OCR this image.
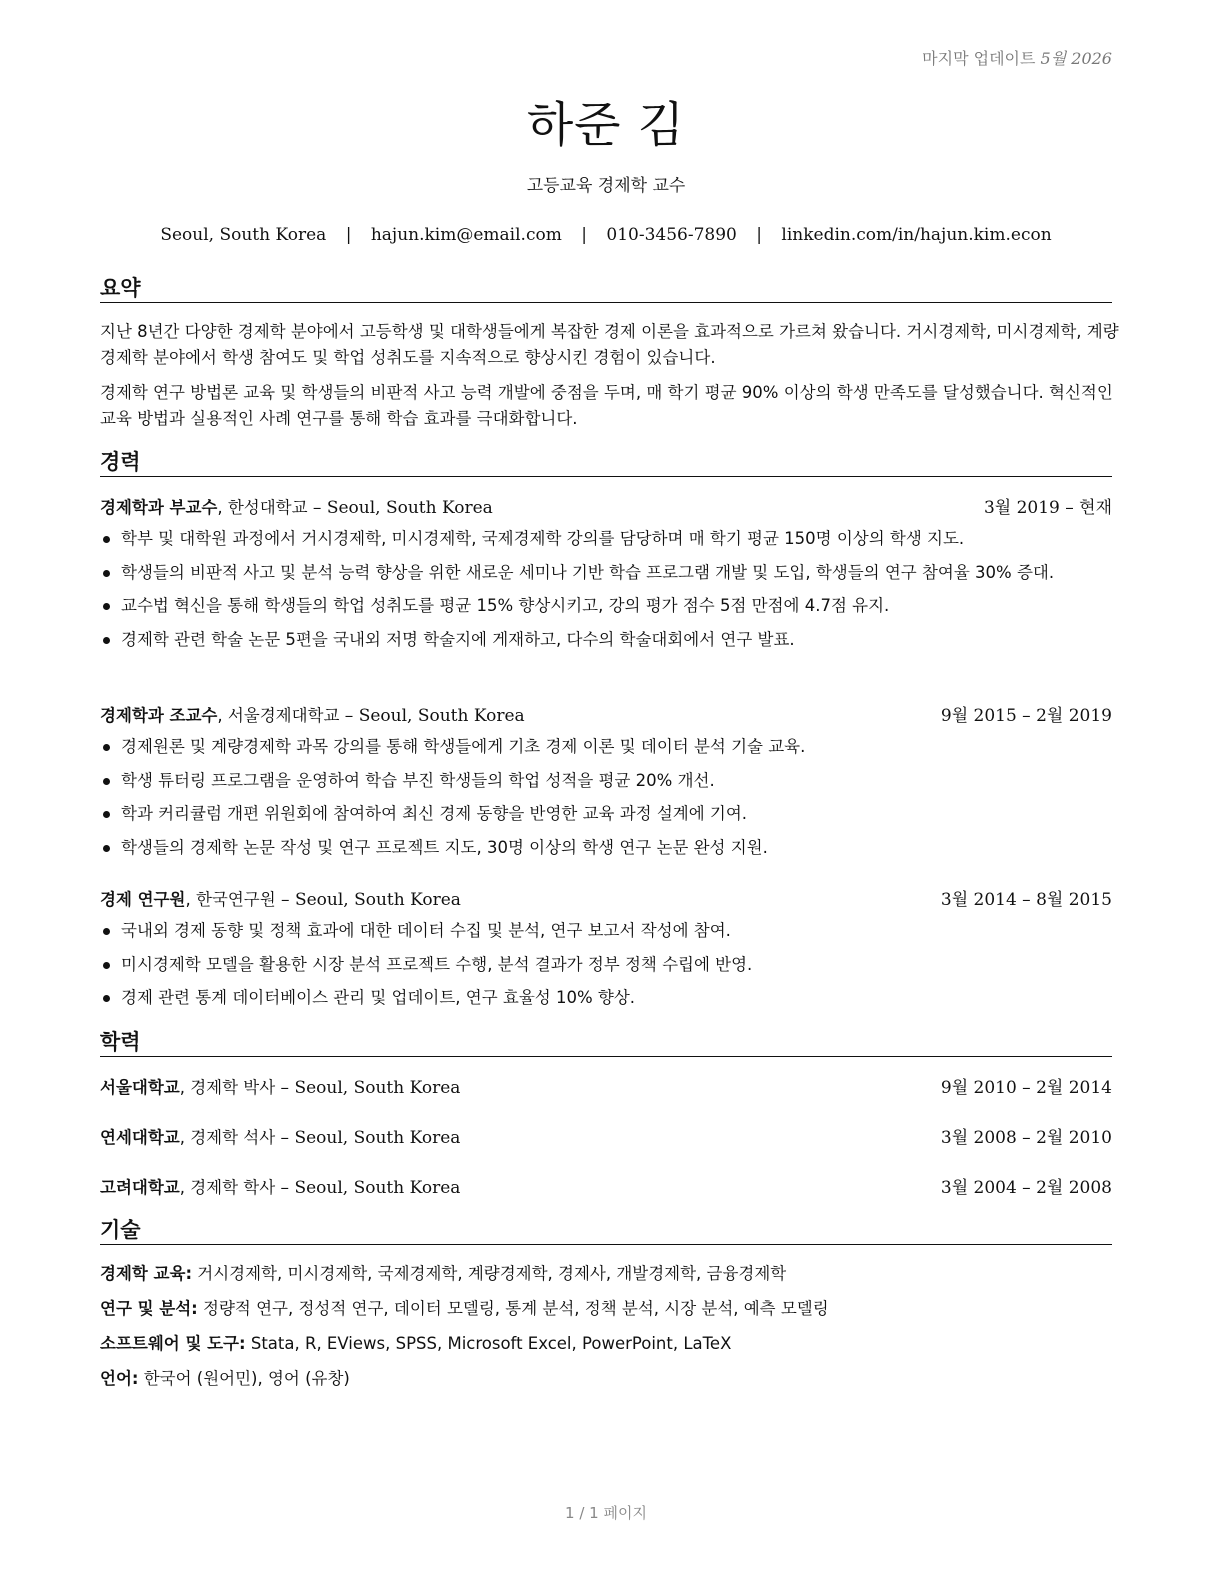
마지막 업데이트 5월 2026
하준 김
고등교육 경제학 교수
Seoul, South Korea | hajun.kim@email.com | 010-3456-7890 | linkedin.com/in/hajun.kim.econ
요약

지난 8년간 다양한 경제학 분야에서 고등학생 및 대학생들에게 복잡한 경제 이론을 효과적으로 가르쳐 왔습니다. 거시경제학, 미시경제학, 계량경제학 분야에서 학생 참여도 및 학업 성취도를 지속적으로 향상시킨 경험이 있습니다.

경제학 연구 방법론 교육 및 학생들의 비판적 사고 능력 개발에 중점을 두며, 매 학기 평균 90% 이상의 학생 만족도를 달성했습니다. 혁신적인 교육 방법과 실용적인 사례 연구를 통해 학습 효과를 극대화합니다.

경력
경제학과 부교수, 한성대학교 – Seoul, South Korea	3월 2019 – 현재
학부 및 대학원 과정에서 거시경제학, 미시경제학, 국제경제학 강의를 담당하며 매 학기 평균 150명 이상의 학생 지도.
학생들의 비판적 사고 및 분석 능력 향상을 위한 새로운 세미나 기반 학습 프로그램 개발 및 도입, 학생들의 연구 참여율 30% 증대.
교수법 혁신을 통해 학생들의 학업 성취도를 평균 15% 향상시키고, 강의 평가 점수 5점 만점에 4.7점 유지.
경제학 관련 학술 논문 5편을 국내외 저명 학술지에 게재하고, 다수의 학술대회에서 연구 발표.
경제학과 조교수, 서울경제대학교 – Seoul, South Korea	9월 2015 – 2월 2019
경제원론 및 계량경제학 과목 강의를 통해 학생들에게 기초 경제 이론 및 데이터 분석 기술 교육.
학생 튜터링 프로그램을 운영하여 학습 부진 학생들의 학업 성적을 평균 20% 개선.
학과 커리큘럼 개편 위원회에 참여하여 최신 경제 동향을 반영한 교육 과정 설계에 기여.
학생들의 경제학 논문 작성 및 연구 프로젝트 지도, 30명 이상의 학생 연구 논문 완성 지원.
경제 연구원, 한국연구원 – Seoul, South Korea	3월 2014 – 8월 2015
국내외 경제 동향 및 정책 효과에 대한 데이터 수집 및 분석, 연구 보고서 작성에 참여.
미시경제학 모델을 활용한 시장 분석 프로젝트 수행, 분석 결과가 정부 정책 수립에 반영.
경제 관련 통계 데이터베이스 관리 및 업데이트, 연구 효율성 10% 향상.
학력
서울대학교, 경제학 박사 – Seoul, South Korea	9월 2010 – 2월 2014
연세대학교, 경제학 석사 – Seoul, South Korea	3월 2008 – 2월 2010
고려대학교, 경제학 학사 – Seoul, South Korea	3월 2004 – 2월 2008
기술
경제학 교육: 거시경제학, 미시경제학, 국제경제학, 계량경제학, 경제사, 개발경제학, 금융경제학
연구 및 분석: 정량적 연구, 정성적 연구, 데이터 모델링, 통계 분석, 정책 분석, 시장 분석, 예측 모델링
소프트웨어 및 도구: Stata, R, EViews, SPSS, Microsoft Excel, PowerPoint, LaTeX
언어: 한국어 (원어민), 영어 (유창)
1 / 1 페이지
